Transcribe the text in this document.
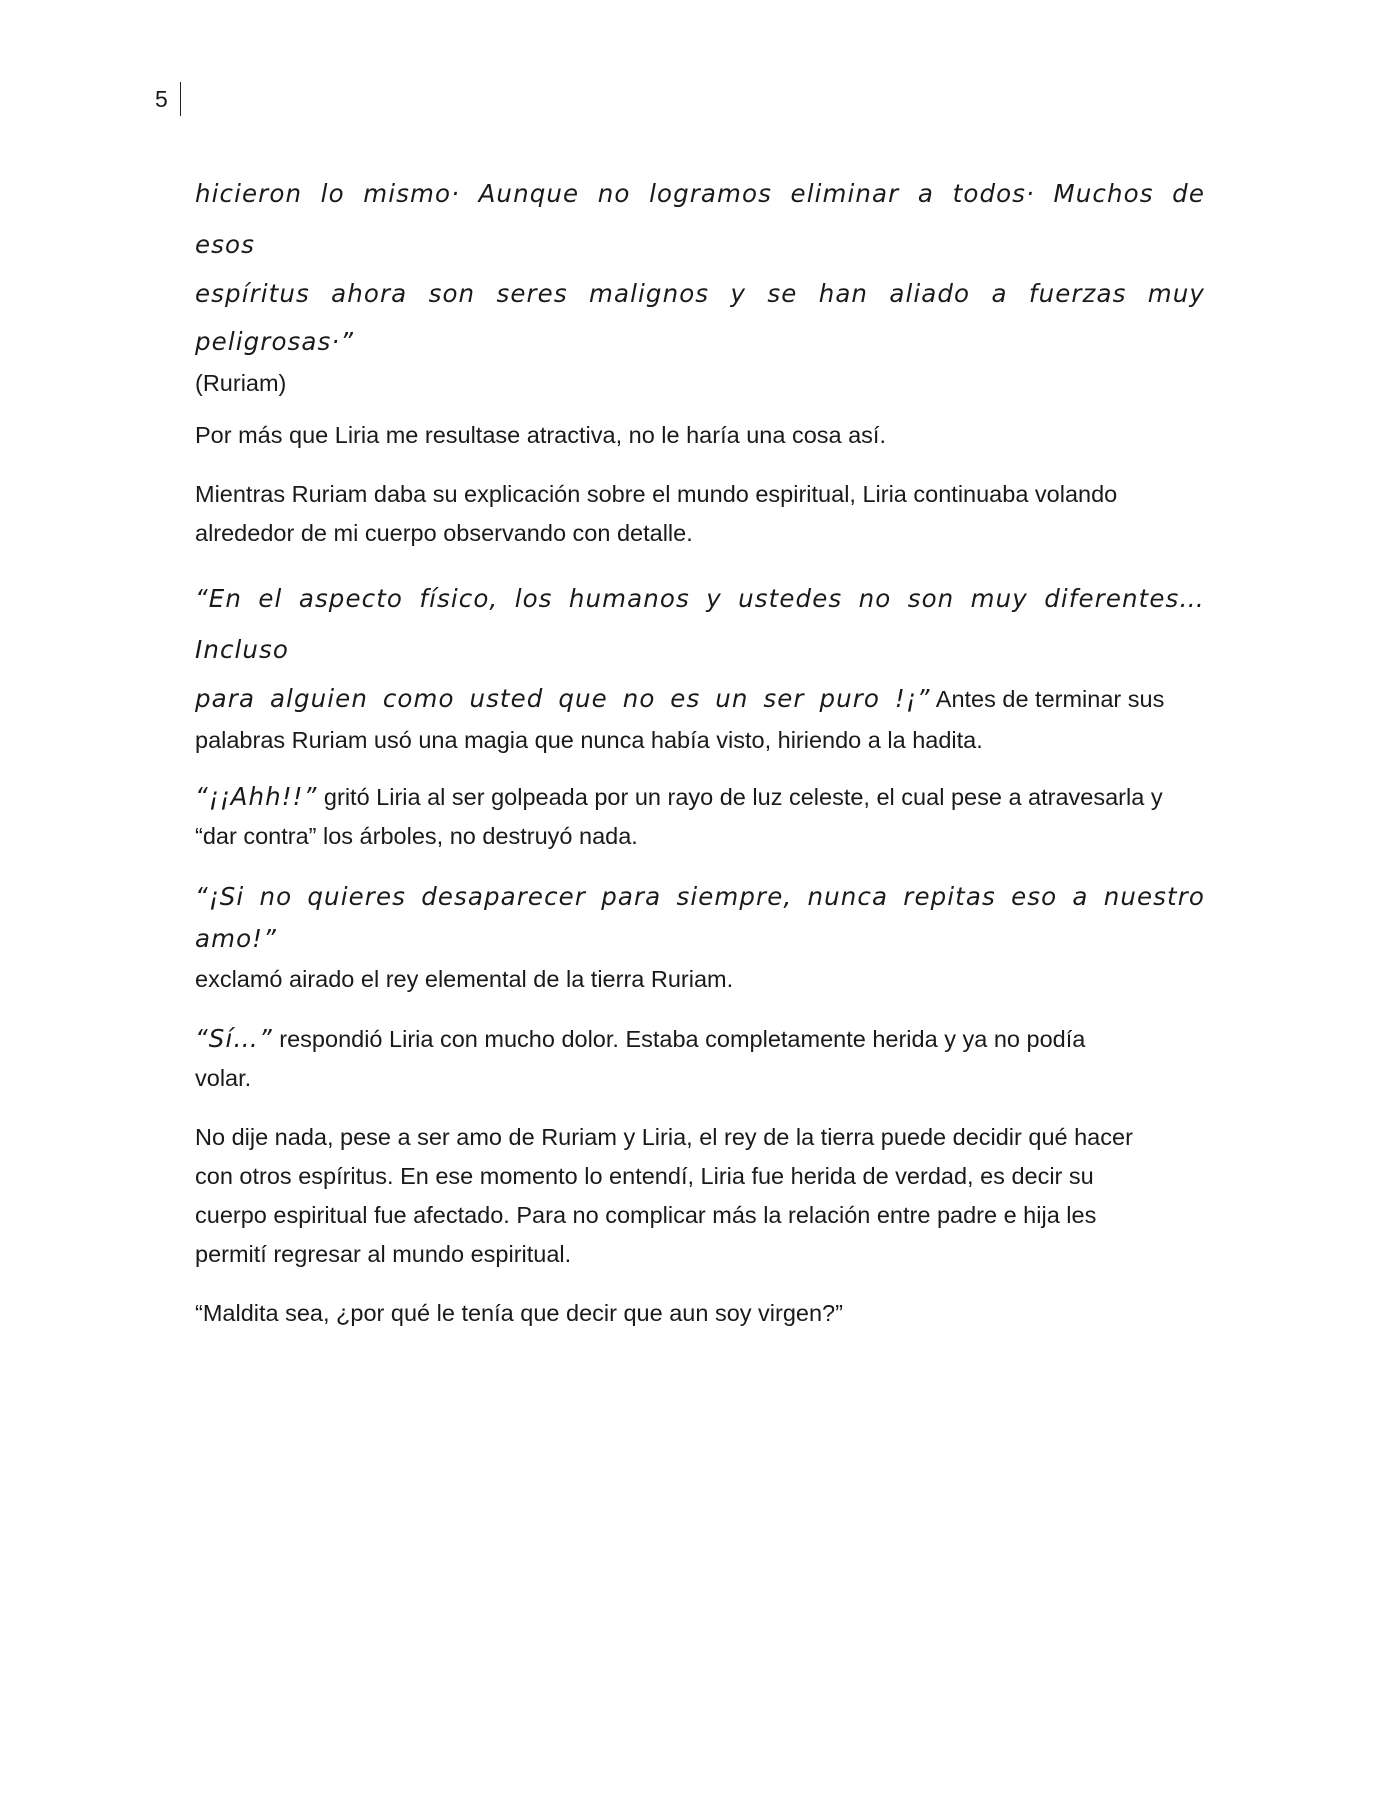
5
hicieron lo mismo· Aunque no logramos eliminar a todos· Muchos de esos
espíritus ahora son seres malignos y se han aliado a fuerzas muy peligrosas·”
(Ruriam)

Por más que Liria me resultase atractiva, no le haría una cosa así.

Mientras Ruriam daba su explicación sobre el mundo espiritual, Liria continuaba volando
alrededor de mi cuerpo observando con detalle.
“En el aspecto físico, los humanos y ustedes no son muy diferentes… Incluso
para alguien como usted que no es un ser puro !¡” Antes de terminar sus
palabras Ruriam usó una magia que nunca había visto, hiriendo a la hadita.
“¡¡Ahh!!” gritó Liria al ser golpeada por un rayo de luz celeste, el cual pese a atravesarla y
“dar contra” los árboles, no destruyó nada.
“¡Si no quieres desaparecer para siempre, nunca repitas eso a nuestro amo!”
exclamó airado el rey elemental de la tierra Ruriam.
“Sí…” respondió Liria con mucho dolor. Estaba completamente herida y ya no podía
volar.
No dije nada, pese a ser amo de Ruriam y Liria, el rey de la tierra puede decidir qué hacer
con otros espíritus. En ese momento lo entendí, Liria fue herida de verdad, es decir su
cuerpo espiritual fue afectado. Para no complicar más la relación entre padre e hija les
permití regresar al mundo espiritual.

“Maldita sea, ¿por qué le tenía que decir que aun soy virgen?”
